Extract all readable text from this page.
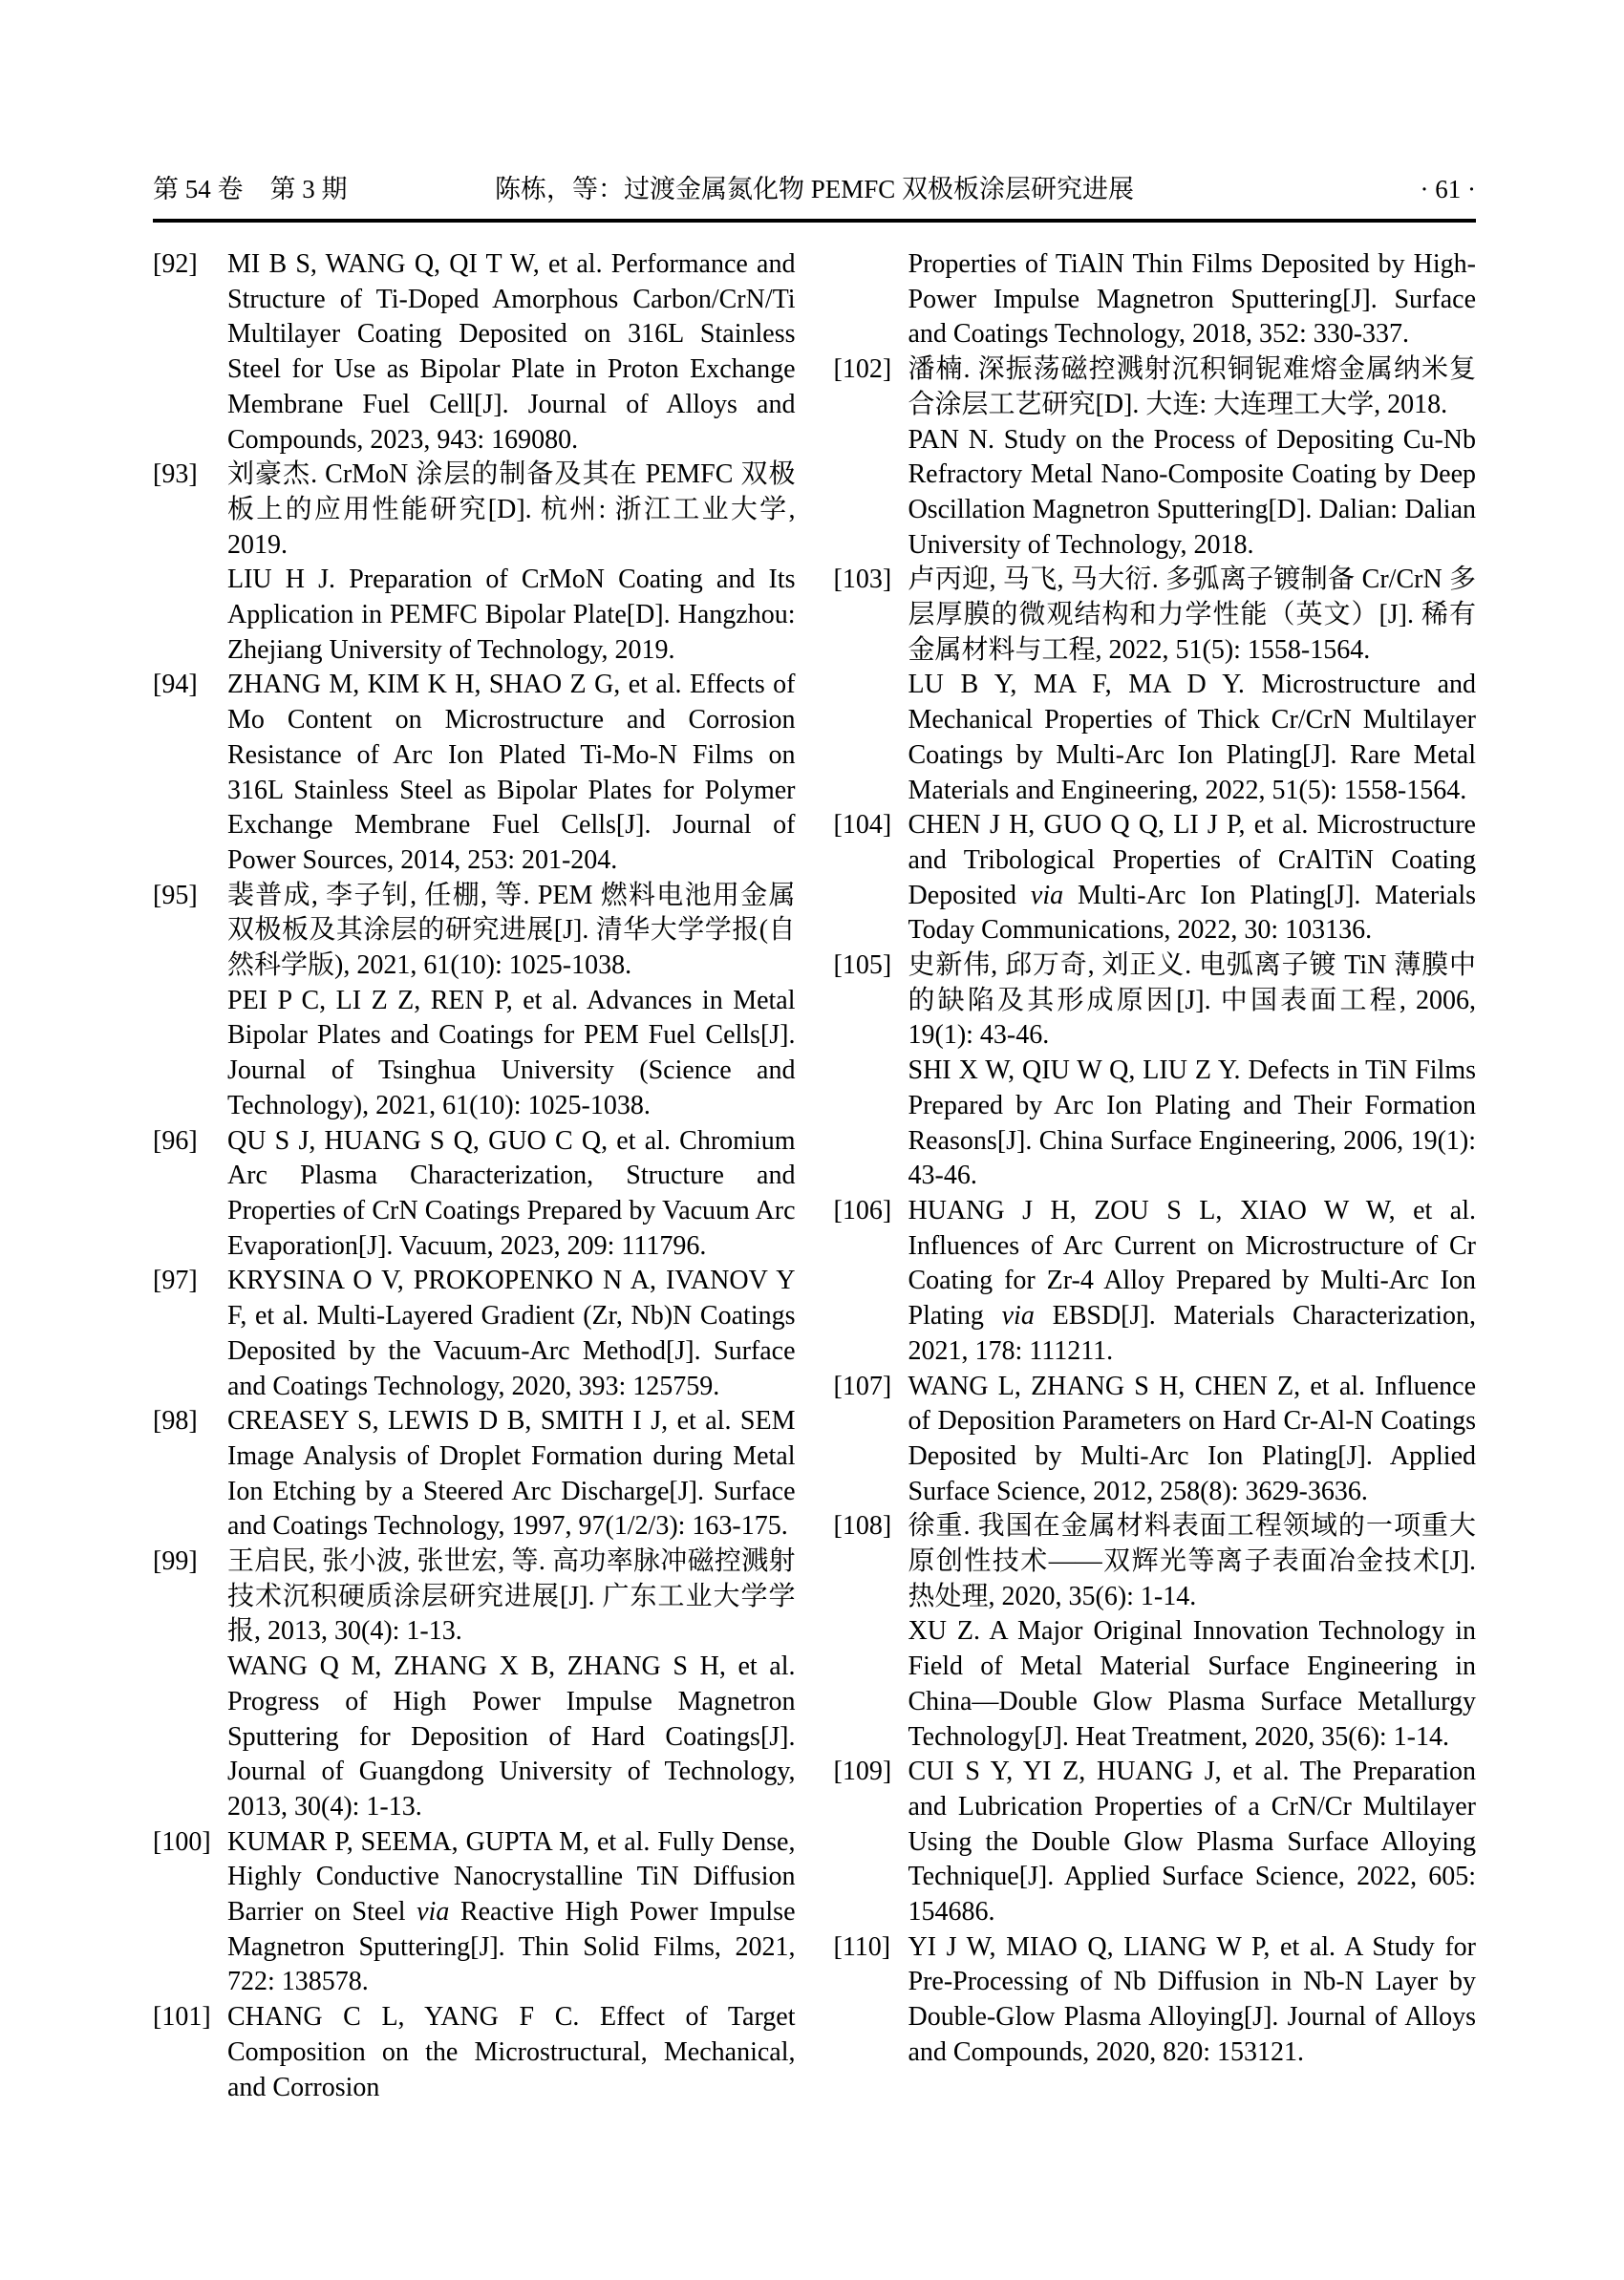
第 54 卷 第 3 期	陈栋，等：过渡金属氮化物 PEMFC 双极板涂层研究进展	· 61 ·
[92] MI B S, WANG Q, QI T W, et al. Performance and Structure of Ti-Doped Amorphous Carbon/CrN/Ti Multilayer Coating Deposited on 316L Stainless Steel for Use as Bipolar Plate in Proton Exchange Membrane Fuel Cell[J]. Journal of Alloys and Compounds, 2023, 943: 169080.
[93] 刘豪杰. CrMoN 涂层的制备及其在 PEMFC 双极板上的应用性能研究[D]. 杭州: 浙江工业大学, 2019.
LIU H J. Preparation of CrMoN Coating and Its Application in PEMFC Bipolar Plate[D]. Hangzhou: Zhejiang University of Technology, 2019.
[94] ZHANG M, KIM K H, SHAO Z G, et al. Effects of Mo Content on Microstructure and Corrosion Resistance of Arc Ion Plated Ti-Mo-N Films on 316L Stainless Steel as Bipolar Plates for Polymer Exchange Membrane Fuel Cells[J]. Journal of Power Sources, 2014, 253: 201-204.
[95] 裴普成, 李子钊, 任棚, 等. PEM 燃料电池用金属双极板及其涂层的研究进展[J]. 清华大学学报(自然科学版), 2021, 61(10): 1025-1038.
PEI P C, LI Z Z, REN P, et al. Advances in Metal Bipolar Plates and Coatings for PEM Fuel Cells[J]. Journal of Tsinghua University (Science and Technology), 2021, 61(10): 1025-1038.
[96] QU S J, HUANG S Q, GUO C Q, et al. Chromium Arc Plasma Characterization, Structure and Properties of CrN Coatings Prepared by Vacuum Arc Evaporation[J]. Vacuum, 2023, 209: 111796.
[97] KRYSINA O V, PROKOPENKO N A, IVANOV Y F, et al. Multi-Layered Gradient (Zr, Nb)N Coatings Deposited by the Vacuum-Arc Method[J]. Surface and Coatings Technology, 2020, 393: 125759.
[98] CREASEY S, LEWIS D B, SMITH I J, et al. SEM Image Analysis of Droplet Formation during Metal Ion Etching by a Steered Arc Discharge[J]. Surface and Coatings Technology, 1997, 97(1/2/3): 163-175.
[99] 王启民, 张小波, 张世宏, 等. 高功率脉冲磁控溅射技术沉积硬质涂层研究进展[J]. 广东工业大学学报, 2013, 30(4): 1-13.
WANG Q M, ZHANG X B, ZHANG S H, et al. Progress of High Power Impulse Magnetron Sputtering for Deposition of Hard Coatings[J]. Journal of Guangdong University of Technology, 2013, 30(4): 1-13.
[100] KUMAR P, SEEMA, GUPTA M, et al. Fully Dense, Highly Conductive Nanocrystalline TiN Diffusion Barrier on Steel via Reactive High Power Impulse Magnetron Sputtering[J]. Thin Solid Films, 2021, 722: 138578.
[101] CHANG C L, YANG F C. Effect of Target Composition on the Microstructural, Mechanical, and Corrosion
Properties of TiAlN Thin Films Deposited by High-Power Impulse Magnetron Sputtering[J]. Surface and Coatings Technology, 2018, 352: 330-337.
[102] 潘楠. 深振荡磁控溅射沉积铜铌难熔金属纳米复合涂层工艺研究[D]. 大连: 大连理工大学, 2018.
PAN N. Study on the Process of Depositing Cu-Nb Refractory Metal Nano-Composite Coating by Deep Oscillation Magnetron Sputtering[D]. Dalian: Dalian University of Technology, 2018.
[103] 卢丙迎, 马飞, 马大衍. 多弧离子镀制备 Cr/CrN 多层厚膜的微观结构和力学性能（英文）[J]. 稀有金属材料与工程, 2022, 51(5): 1558-1564.
LU B Y, MA F, MA D Y. Microstructure and Mechanical Properties of Thick Cr/CrN Multilayer Coatings by Multi-Arc Ion Plating[J]. Rare Metal Materials and Engineering, 2022, 51(5): 1558-1564.
[104] CHEN J H, GUO Q Q, LI J P, et al. Microstructure and Tribological Properties of CrAlTiN Coating Deposited via Multi-Arc Ion Plating[J]. Materials Today Communications, 2022, 30: 103136.
[105] 史新伟, 邱万奇, 刘正义. 电弧离子镀 TiN 薄膜中的缺陷及其形成原因[J]. 中国表面工程, 2006, 19(1): 43-46.
SHI X W, QIU W Q, LIU Z Y. Defects in TiN Films Prepared by Arc Ion Plating and Their Formation Reasons[J]. China Surface Engineering, 2006, 19(1): 43-46.
[106] HUANG J H, ZOU S L, XIAO W W, et al. Influences of Arc Current on Microstructure of Cr Coating for Zr-4 Alloy Prepared by Multi-Arc Ion Plating via EBSD[J]. Materials Characterization, 2021, 178: 111211.
[107] WANG L, ZHANG S H, CHEN Z, et al. Influence of Deposition Parameters on Hard Cr-Al-N Coatings Deposited by Multi-Arc Ion Plating[J]. Applied Surface Science, 2012, 258(8): 3629-3636.
[108] 徐重. 我国在金属材料表面工程领域的一项重大原创性技术——双辉光等离子表面冶金技术[J]. 热处理, 2020, 35(6): 1-14.
XU Z. A Major Original Innovation Technology in Field of Metal Material Surface Engineering in China—Double Glow Plasma Surface Metallurgy Technology[J]. Heat Treatment, 2020, 35(6): 1-14.
[109] CUI S Y, YI Z, HUANG J, et al. The Preparation and Lubrication Properties of a CrN/Cr Multilayer Using the Double Glow Plasma Surface Alloying Technique[J]. Applied Surface Science, 2022, 605: 154686.
[110] YI J W, MIAO Q, LIANG W P, et al. A Study for Pre-Processing of Nb Diffusion in Nb-N Layer by Double-Glow Plasma Alloying[J]. Journal of Alloys and Compounds, 2020, 820: 153121.
